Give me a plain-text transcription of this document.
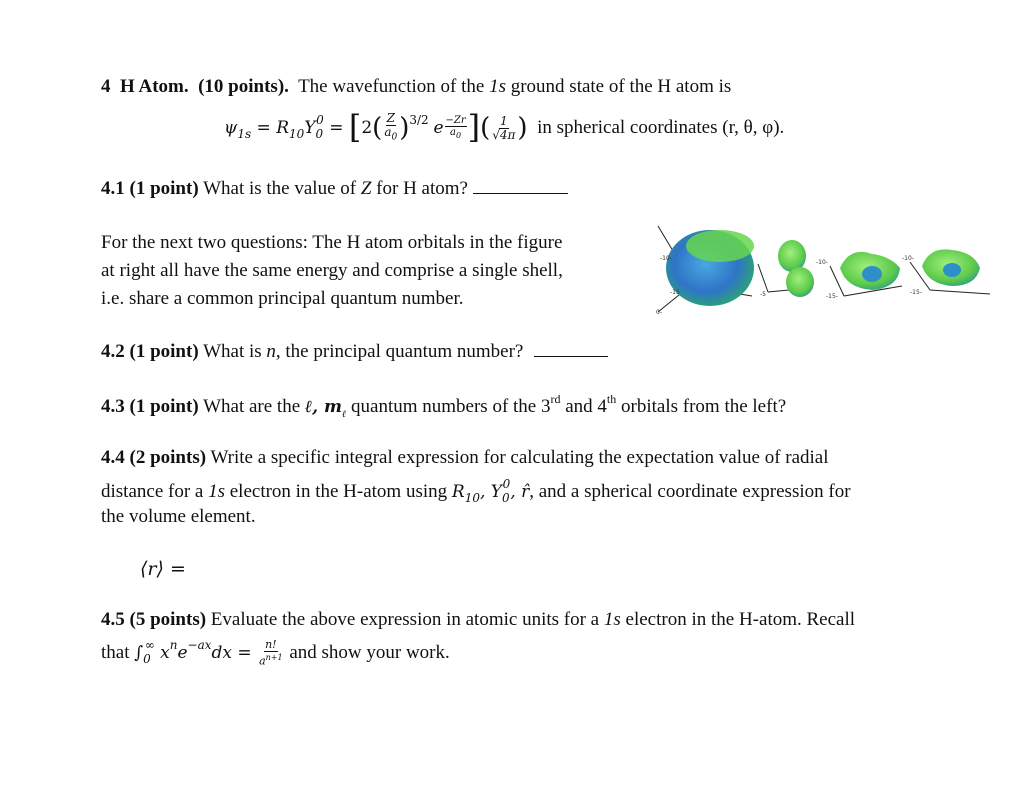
4 H Atom. (10 points). The wavefunction of the 1s ground state of the H atom is
$\psi_{1s} = R_{10}Y_0^0 = [2( \frac{Z}{a_0} )^{3/2}$ e $\frac{-Zr}{a_0}$ ]( $\frac{1}{√4\pi}$ ) in spherical coordinates (r, θ, φ).
4.1 (1 point) What is the value of Z for H atom?
For the next two questions: The H atom orbitals in the figure
at right all have the same energy and comprise a single shell,
i.e. share a common principal quantum number.
-10-
-15
0-
-5
-10-
-15-
-10-
-15-
4.2 (1 point) What is n, the principal quantum number?
4.3 (1 point) What are the ℓ, $m_\ell$ quantum numbers of the 3rd and 4th orbitals from the left?
4.4 (2 points) Write a specific integral expression for calculating the expectation value of radial
distance for a 1s electron in the H-atom using $R_{10}$, $Y_0^0$, r̂, and a spherical coordinate expression for
the volume element.
⟨r⟩ =
4.5 (5 points) Evaluate the above expression in atomic units for a 1s electron in the H-atom. Recall
that $\int_0^\infty$ $x^ne^{-ax}dx = \frac{n!}{a^{n+1}}$ and show your work.
